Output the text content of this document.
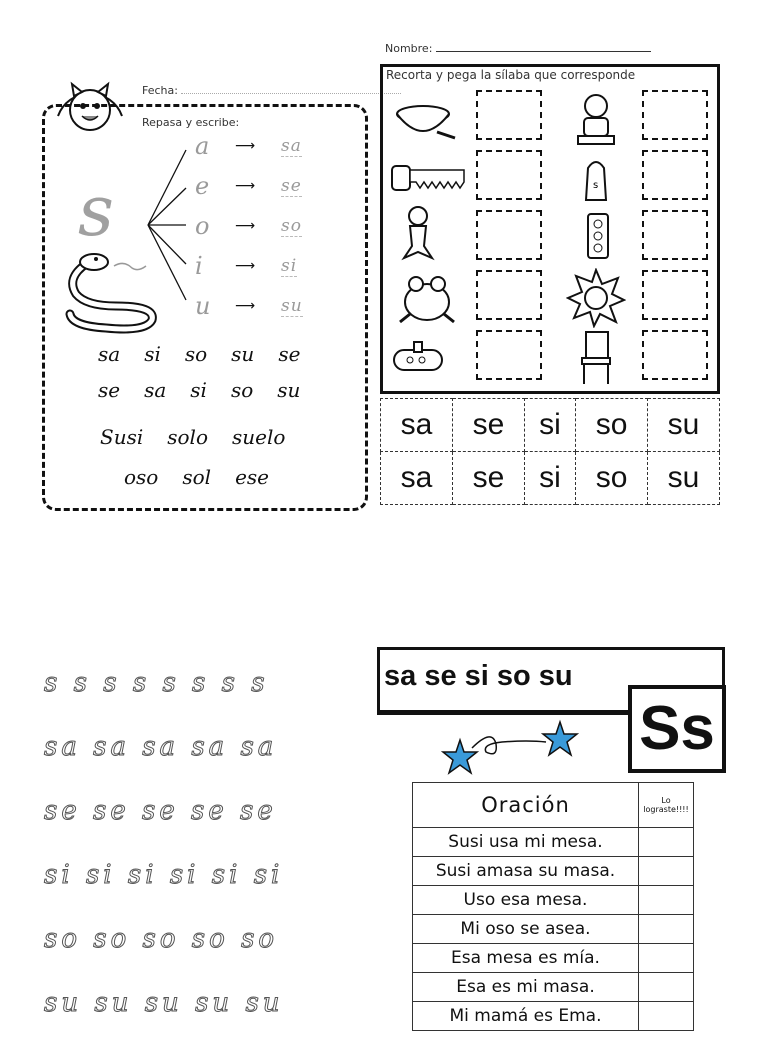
Nombre:
Fecha:
Repasa y escribe:
s
a ⟶ sa
e ⟶ se
o ⟶ so
i ⟶ si
u ⟶ su
sa si so su se
se sa si so su
Susi solo suelo
oso sol ese
Recorta y pega la sílaba que corresponde
s
sa	se	si	so	su
sa	se	si	so	su
s s s s s s s s
sa sa sa sa sa
se se se se se
si si si si si si
so so so so so
su su su su su
sa se si so su
Ss
Oración	Lo lograste!!!!
Susi usa mi mesa.	
Susi amasa su masa.	
Uso esa mesa.	
Mi oso se asea.	
Esa mesa es mía.	
Esa es mi masa.	
Mi mamá es Ema.	
